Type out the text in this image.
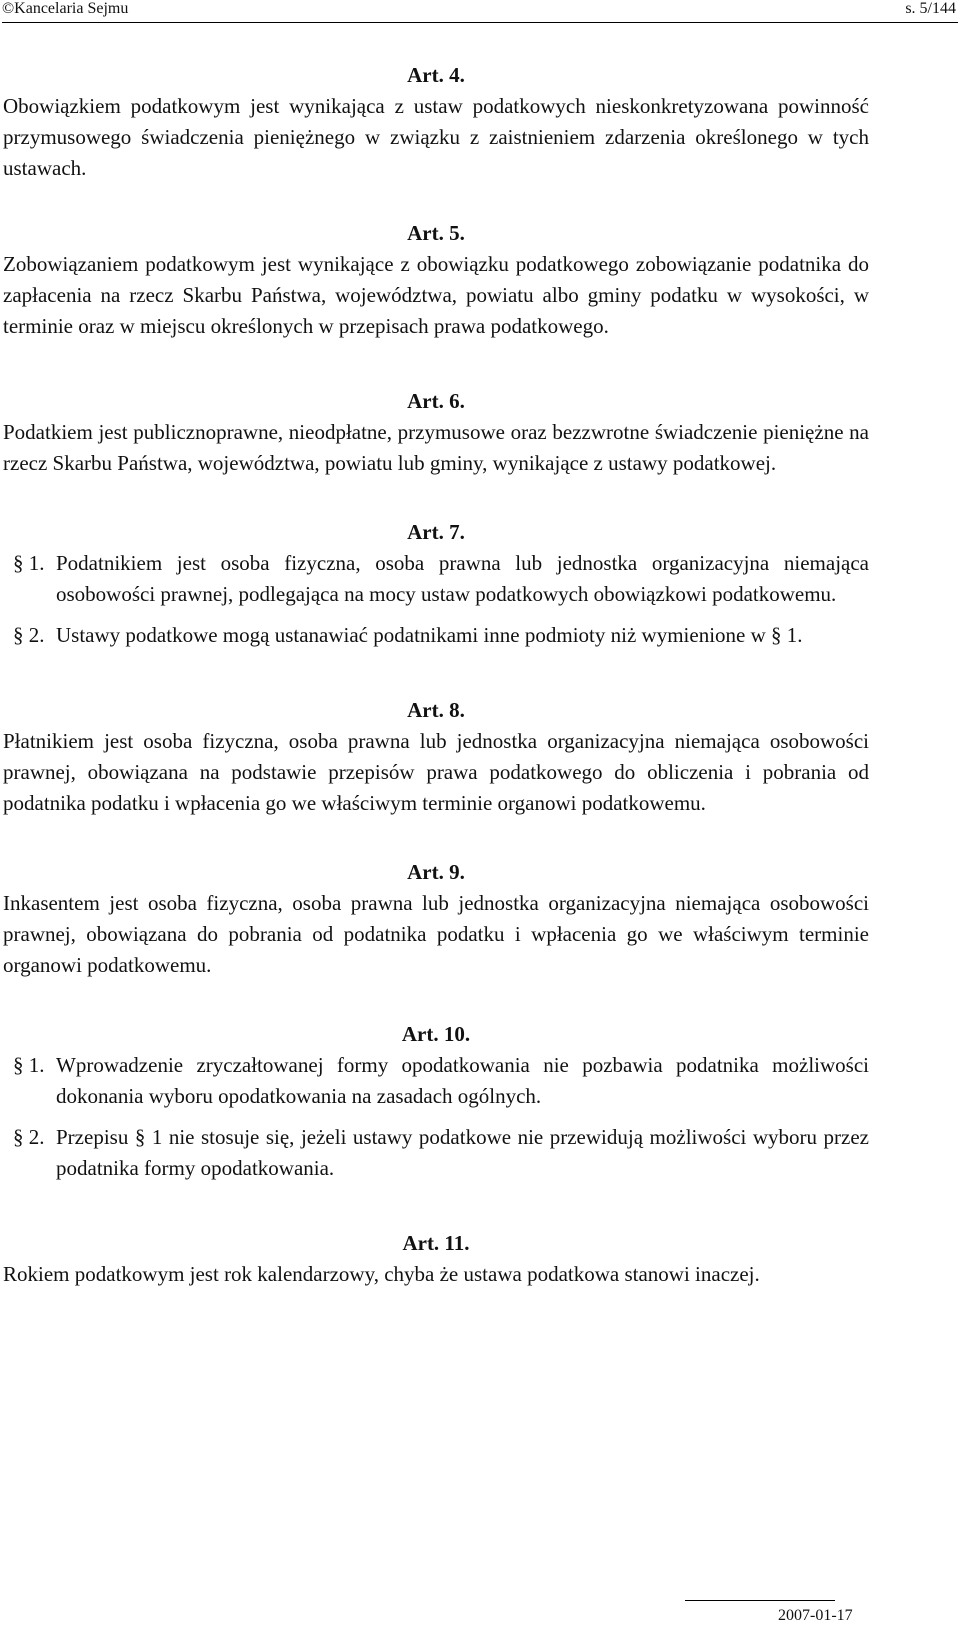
©Kancelaria Sejmu	s. 5/144

Art. 4.

Obowiązkiem podatkowym jest wynikająca z ustaw podatkowych nieskonkretyzowana powinność przymusowego świadczenia pieniężnego w związku z zaistnieniem zdarzenia określonego w tych ustawach.

Art. 5.

Zobowiązaniem podatkowym jest wynikające z obowiązku podatkowego zobowiązanie podatnika do zapłacenia na rzecz Skarbu Państwa, województwa, powiatu albo gminy podatku w wysokości, w terminie oraz w miejscu określonych w przepisach prawa podatkowego.

Art. 6.

Podatkiem jest publicznoprawne, nieodpłatne, przymusowe oraz bezzwrotne świadczenie pieniężne na rzecz Skarbu Państwa, województwa, powiatu lub gminy, wynikające z ustawy podatkowej.

Art. 7.

§ 1. Podatnikiem jest osoba fizyczna, osoba prawna lub jednostka organizacyjna niemająca osobowości prawnej, podlegająca na mocy ustaw podatkowych obowiązkowi podatkowemu.
§ 2. Ustawy podatkowe mogą ustanawiać podatnikami inne podmioty niż wymienione w § 1.

Art. 8.

Płatnikiem jest osoba fizyczna, osoba prawna lub jednostka organizacyjna niemająca osobowości prawnej, obowiązana na podstawie przepisów prawa podatkowego do obliczenia i pobrania od podatnika podatku i wpłacenia go we właściwym terminie organowi podatkowemu.

Art. 9.

Inkasentem jest osoba fizyczna, osoba prawna lub jednostka organizacyjna niemająca osobowości prawnej, obowiązana do pobrania od podatnika podatku i wpłacenia go we właściwym terminie organowi podatkowemu.

Art. 10.

§ 1. Wprowadzenie zryczałtowanej formy opodatkowania nie pozbawia podatnika możliwości dokonania wyboru opodatkowania na zasadach ogólnych.
§ 2. Przepisu § 1 nie stosuje się, jeżeli ustawy podatkowe nie przewidują możliwości wyboru przez podatnika formy opodatkowania.

Art. 11.

Rokiem podatkowym jest rok kalendarzowy, chyba że ustawa podatkowa stanowi inaczej.

2007-01-17
